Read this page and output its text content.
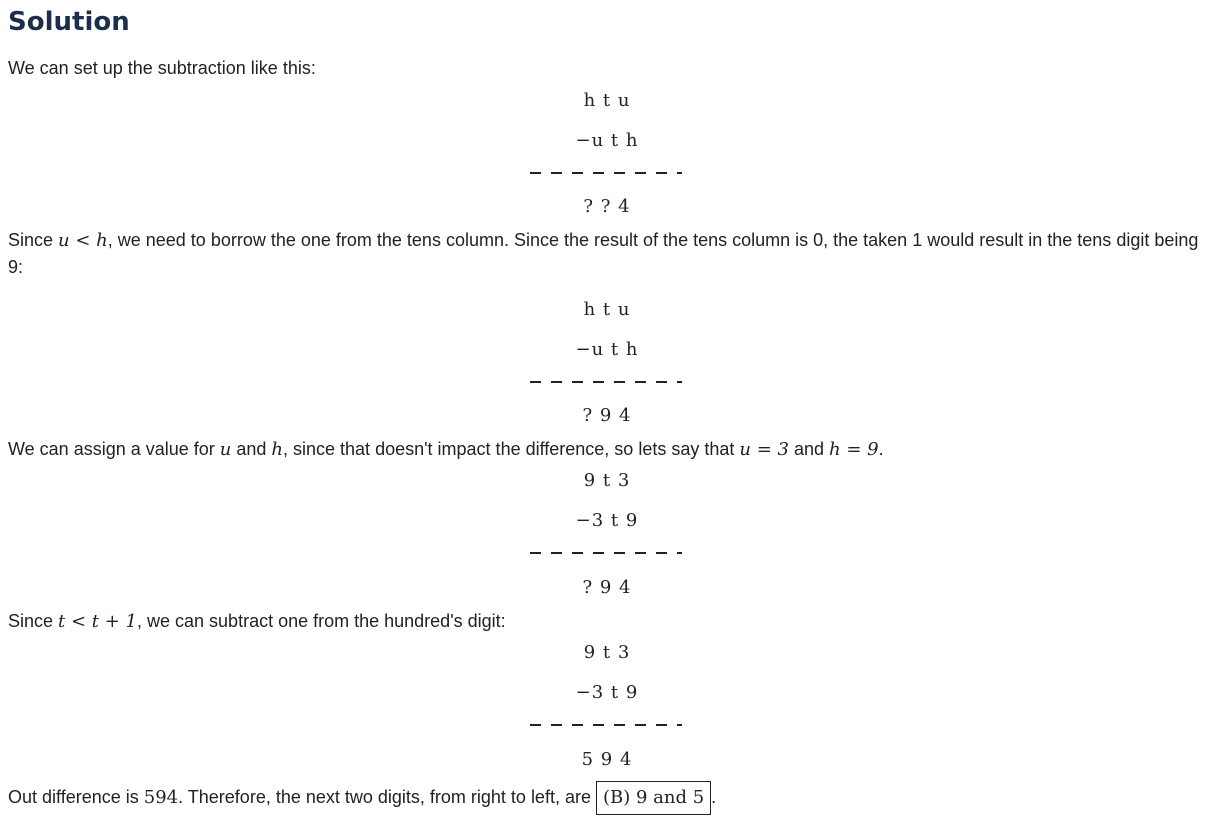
Solution
We can set up the subtraction like this:
h t u
−u t h
? ? 4
Since u < h, we need to borrow the one from the tens column. Since the result of the tens column is 0, the taken 1 would result in the tens digit being 9:
h t u
−u t h
? 9 4
We can assign a value for u and h, since that doesn't impact the difference, so lets say that u = 3 and h = 9.
9 t 3
−3 t 9
? 9 4
Since t < t + 1, we can subtract one from the hundred's digit:
9 t 3
−3 t 9
5 9 4
Out difference is 594. Therefore, the next two digits, from right to left, are (B) 9 and 5 .
